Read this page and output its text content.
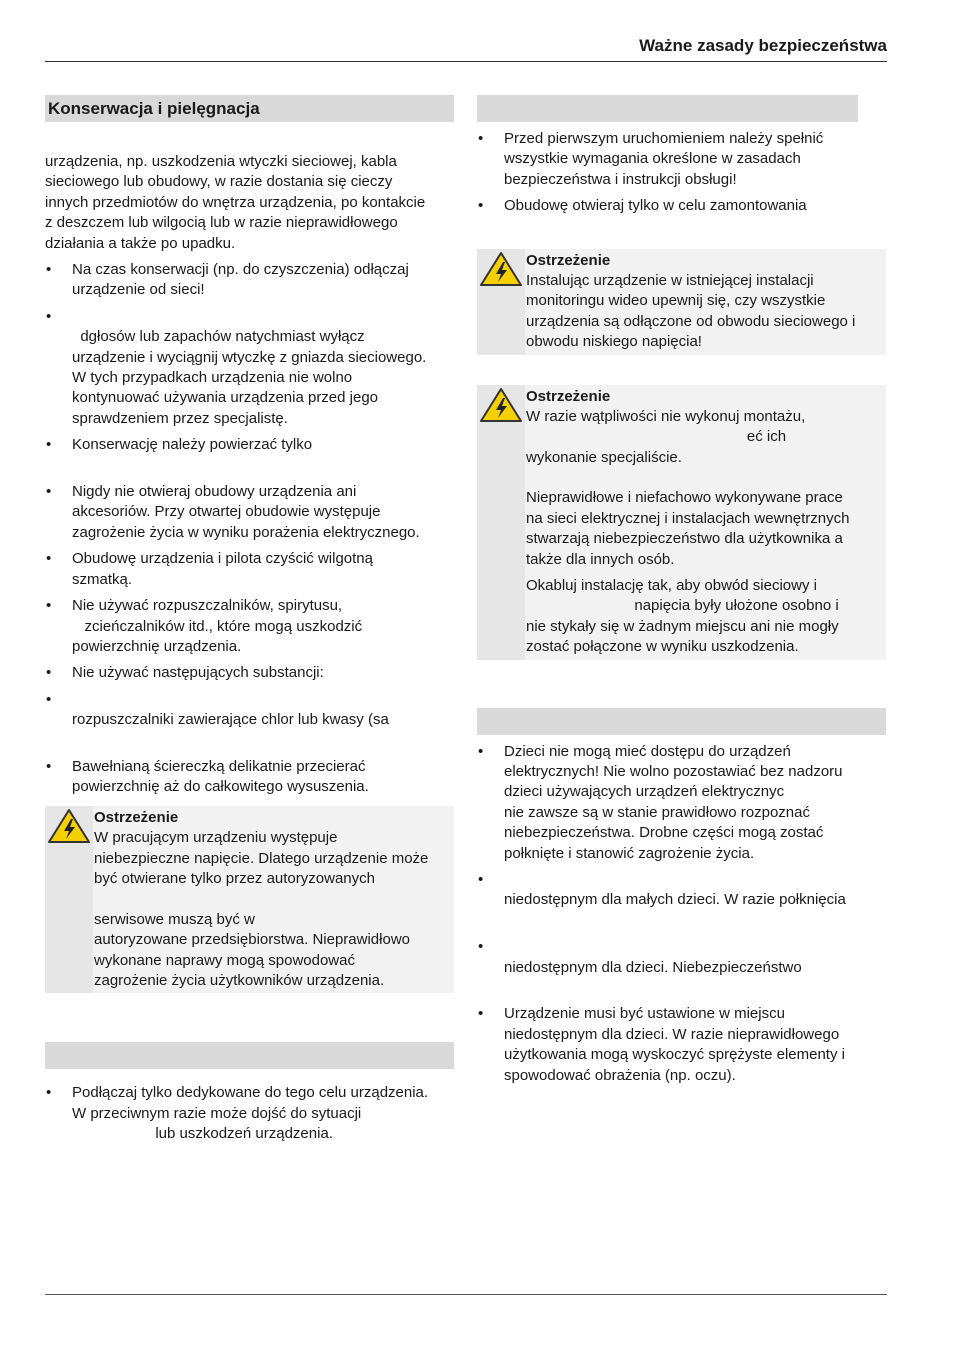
Ważne zasady bezpieczeństwa
Konserwacja i pielęgnacja
urządzenia, np. uszkodzenia wtyczki sieciowej, kabla
sieciowego lub obudowy, w razie dostania się cieczy
innych przedmiotów do wnętrza urządzenia, po kontakcie
z deszczem lub wilgocią lub w razie nieprawidłowego
działania a także po upadku.
• Na czas konserwacji (np. do czyszczenia) odłączaj
urządzenie od sieci!
•   dgłosów lub zapachów natychmiast wyłącz
urządzenie i wyciągnij wtyczkę z gniazda sieciowego.
W tych przypadkach urządzenia nie wolno
kontynuować używania urządzenia przed jego
sprawdzeniem przez specjalistę.
• Konserwację należy powierzać tylko
• Nigdy nie otwieraj obudowy urządzenia ani
akcesoriów. Przy otwartej obudowie występuje
zagrożenie życia w wyniku porażenia elektrycznego.
• Obudowę urządzenia i pilota czyścić wilgotną
szmatką.
• Nie używać rozpuszczalników, spirytusu,
zcieńczalników itd., które mogą uszkodzić
powierzchnię urządzenia.
• Nie używać następujących substancji:
• rozpuszczalniki zawierające chlor lub kwasy (sa
• Bawełnianą ściereczką delikatnie przecierać
powierzchnię aż do całkowitego wysuszenia.
Ostrzeżenie
W pracującym urządzeniu występuje
niebezpieczne napięcie. Dlatego urządzenie może
być otwierane tylko przez autoryzowanych
serwisowe muszą być w
autoryzowane przedsiębiorstwa. Nieprawidłowo
wykonane naprawy mogą spowodować
zagrożenie życia użytkowników urządzenia.
• Podłączaj tylko dedykowane do tego celu urządzenia.
W przeciwnym razie może dojść do sytuacji
lub uszkodzeń urządzenia.
• Przed pierwszym uruchomieniem należy spełnić
wszystkie wymagania określone w zasadach
bezpieczeństwa i instrukcji obsługi!
• Obudowę otwieraj tylko w celu zamontowania
Ostrzeżenie
Instalując urządzenie w istniejącej instalacji
monitoringu wideo upewnij się, czy wszystkie
urządzenia są odłączone od obwodu sieciowego i
obwodu niskiego napięcia!
Ostrzeżenie
W razie wątpliwości nie wykonuj montażu,
eć ich
wykonanie specjaliście.
Nieprawidłowe i niefachowo wykonywane prace
na sieci elektrycznej i instalacjach wewnętrznych
stwarzają niebezpieczeństwo dla użytkownika a
także dla innych osób.
Okabluj instalację tak, aby obwód sieciowy i
napięcia były ułożone osobno i
nie stykały się w żadnym miejscu ani nie mogły
zostać połączone w wyniku uszkodzenia.
• Dzieci nie mogą mieć dostępu do urządzeń
elektrycznych! Nie wolno pozostawiać bez nadzoru
dzieci używających urządzeń elektrycznyc
nie zawsze są w stanie prawidłowo rozpoznać
niebezpieczeństwa. Drobne części mogą zostać
połknięte i stanowić zagrożenie życia.
• niedostępnym dla małych dzieci. W razie połknięcia
• niedostępnym dla dzieci. Niebezpieczeństwo
• Urządzenie musi być ustawione w miejscu
niedostępnym dla dzieci. W razie nieprawidłowego
użytkowania mogą wyskoczyć sprężyste elementy i
spowodować obrażenia (np. oczu).
